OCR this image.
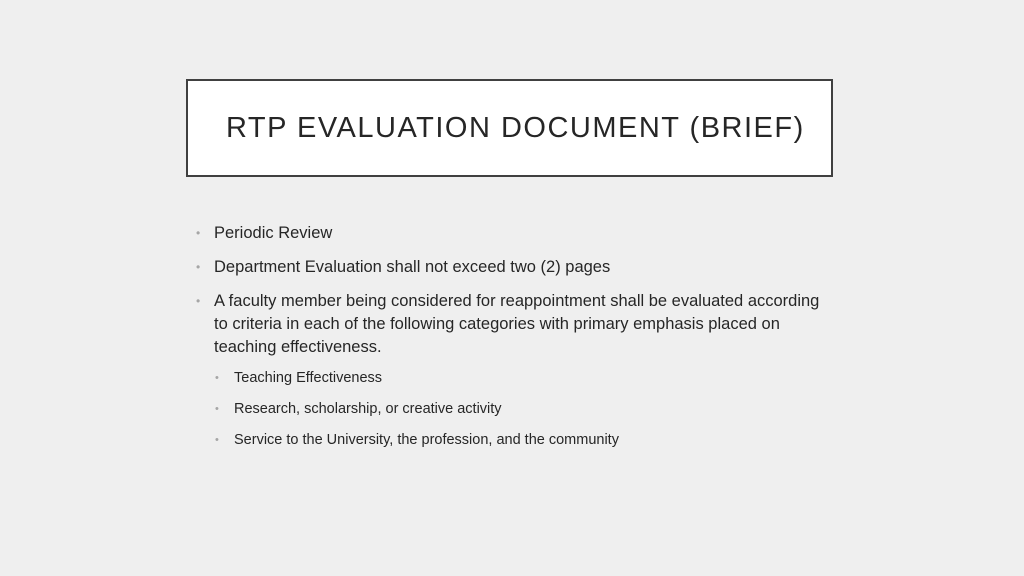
RTP EVALUATION DOCUMENT (BRIEF)
• Periodic Review
• Department Evaluation shall not exceed two (2) pages
• A faculty member being considered for reappointment shall be evaluated according to criteria in each of the following categories with primary emphasis placed on teaching effectiveness.
• Teaching Effectiveness
• Research, scholarship, or creative activity
• Service to the University, the profession, and the community
